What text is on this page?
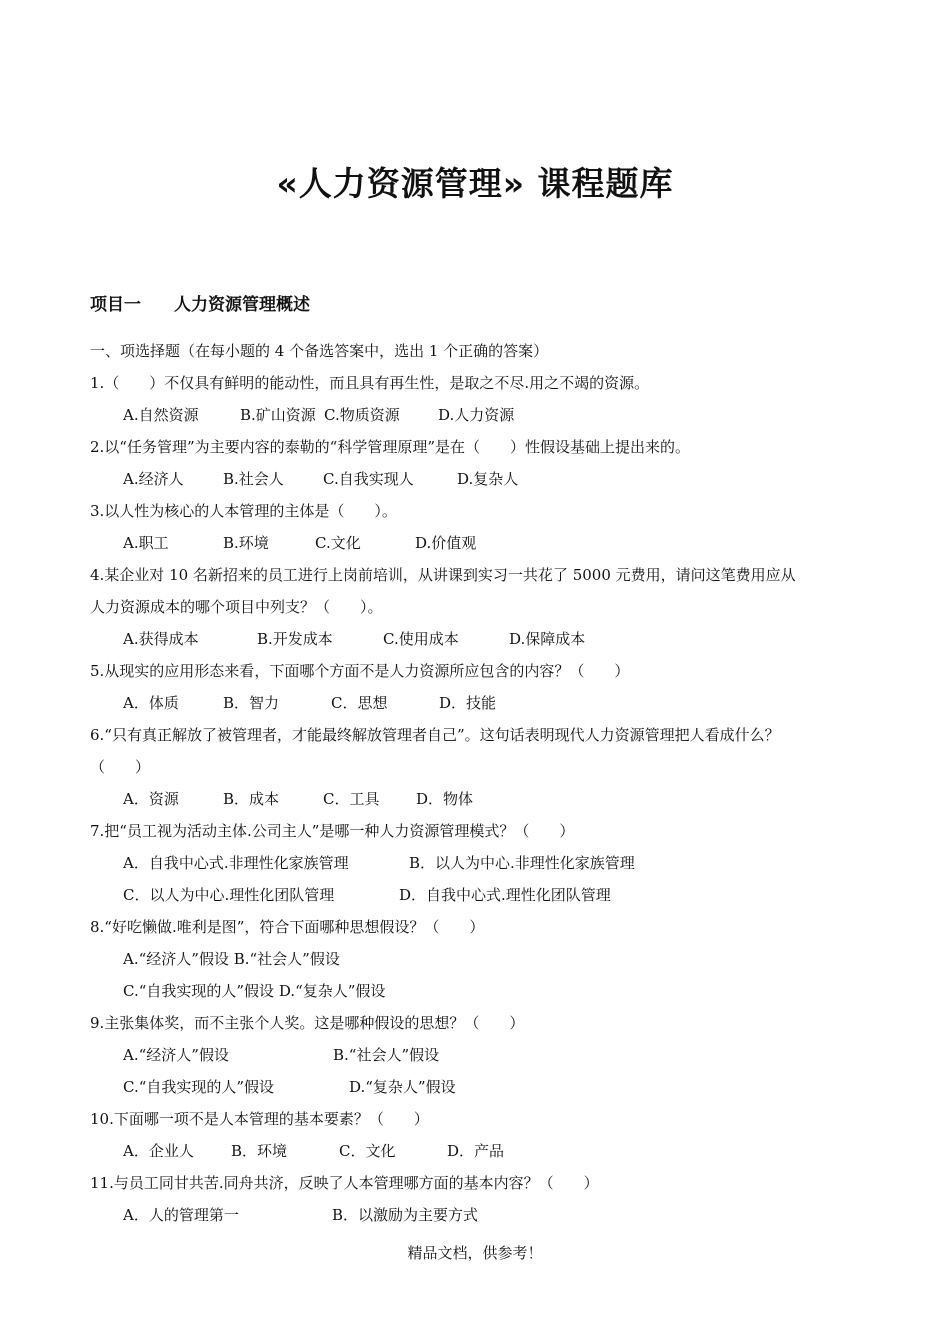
«人力资源管理» 课程题库
项目一 人力资源管理概述
一、项选择题（在每小题的 4 个备选答案中，选出 1 个正确的答案）
1.（　　）不仅具有鲜明的能动性，而且具有再生性，是取之不尽.用之不竭的资源。
A.自然资源	B.矿山资源 C.物质资源	D.人力资源
2.以“任务管理”为主要内容的泰勒的“科学管理原理”是在（　　）性假设基础上提出来的。
A.经济人	B.社会人	C.自我实现人	D.复杂人
3.以人性为核心的人本管理的主体是（　　）。
A.职工	B.环境	C.文化	D.价值观
4.某企业对 10 名新招来的员工进行上岗前培训，从讲课到实习一共花了 5000 元费用，请问这笔费用应从
人力资源成本的哪个项目中列支？（　　）。
A.获得成本	B.开发成本	C.使用成本	D.保障成本
5.从现实的应用形态来看，下面哪个方面不是人力资源所应包含的内容？（　　）
A．体质	B．智力	C．思想	D．技能
6.“只有真正解放了被管理者，才能最终解放管理者自己”。这句话表明现代人力资源管理把人看成什么？
（　　）
A．资源	B．成本	C．工具 D．物体
7.把“员工视为活动主体.公司主人”是哪一种人力资源管理模式？（　　）
A．自我中心式.非理性化家族管理	B．以人为中心.非理性化家族管理
C．以人为中心.理性化团队管理	D．自我中心式.理性化团队管理
8.“好吃懒做.唯利是图”，符合下面哪种思想假设？（　　）
A.“经济人”假设 B.“社会人”假设
C.“自我实现的人”假设 D.“复杂人”假设
9.主张集体奖，而不主张个人奖。这是哪种假设的思想？（　　）
A.“经济人”假设	B.“社会人”假设
C.“自我实现的人”假设	D.“复杂人”假设
10.下面哪一项不是人本管理的基本要素？（　　）
A．企业人 B．环境	C．文化	D．产品
11.与员工同甘共苦.同舟共济，反映了人本管理哪方面的基本内容？（　　）
A．人的管理第一	B．以激励为主要方式
精品文档，供参考！
